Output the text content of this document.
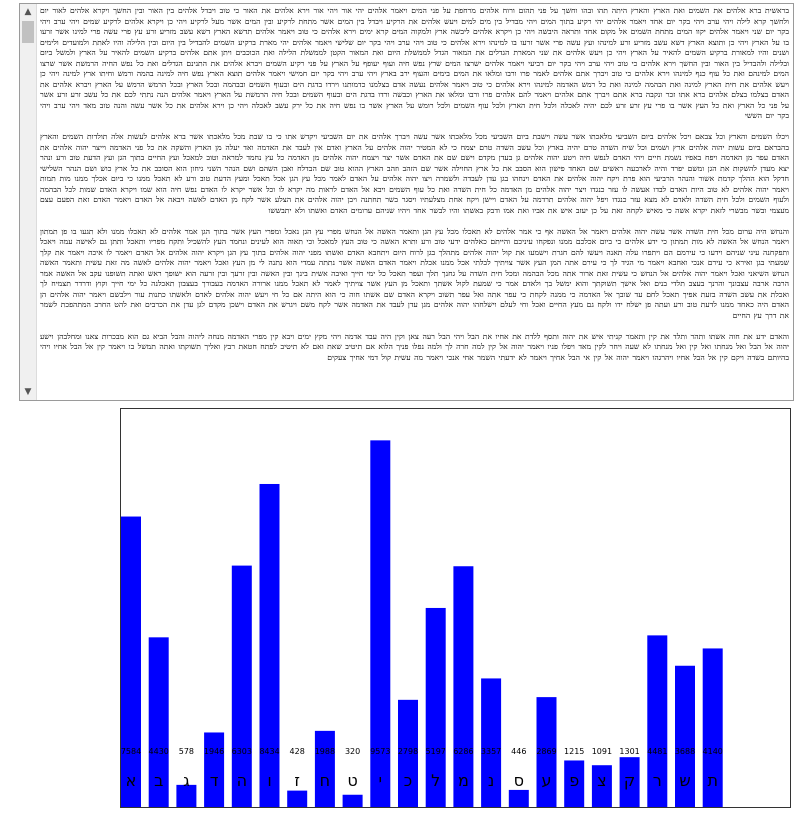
▲
▼

בראשית ברא אלהים את השמים ואת הארץ והארץ היתה תהו ובהו וחשך על פני תהום ורוח אלהים מרחפת על פני המים ויאמר אלהים יהי אור ויהי אור וירא אלהים את האור כי טוב ויבדל אלהים בין האור ובין החשך ויקרא אלהים לאור יום ולחשך קרא לילה ויהי ערב ויהי בקר יום אחד ויאמר אלהים יהי רקיע בתוך המים ויהי מבדיל בין מים למים ויעש אלהים את הרקיע ויבדל בין המים אשר מתחת לרקיע ובין המים אשר מעל לרקיע ויהי כן ויקרא אלהים לרקיע שמים ויהי ערב ויהי בקר יום שני ויאמר אלהים יקוו המים מתחת השמים אל מקום אחד ותראה היבשה ויהי כן ויקרא אלהים ליבשה ארץ ולמקוה המים קרא ימים וירא אלהים כי טוב ויאמר אלהים תדשא הארץ דשא עשב מזריע זרע עץ פרי עשה פרי למינו אשר זרעו בו על הארץ ויהי כן ותוצא הארץ דשא עשב מזריע זרע למינהו ועץ עשה פרי אשר זרעו בו למינהו וירא אלהים כי טוב ויהי ערב ויהי בקר יום שלישי ויאמר אלהים יהי מארת ברקיע השמים להבדיל בין היום ובין הלילה והיו לאתת ולמועדים ולימים ושנים והיו למאורת ברקיע השמים להאיר על הארץ ויהי כן ויעש אלהים את שני המארת הגדלים את המאור הגדל לממשלת היום ואת המאור הקטן לממשלת הלילה ואת הכוכבים ויתן אתם אלהים ברקיע השמים להאיר על הארץ ולמשל ביום ובלילה ולהבדיל בין האור ובין החשך וירא אלהים כי טוב ויהי ערב ויהי בקר יום רביעי ויאמר אלהים ישרצו המים שרץ נפש חיה ועוף יעופף על הארץ על פני רקיע השמים ויברא אלהים את התנינם הגדלים ואת כל נפש החיה הרמשת אשר שרצו המים למינהם ואת כל עוף כנף למינהו וירא אלהים כי טוב ויברך אתם אלהים לאמר פרו ורבו ומלאו את המים בימים והעוף ירב בארץ ויהי ערב ויהי בקר יום חמישי ויאמר אלהים תוצא הארץ נפש חיה למינה בהמה ורמש וחיתו ארץ למינה ויהי כן ויעש אלהים את חית הארץ למינה ואת הבהמה למינה ואת כל רמש האדמה למינהו וירא אלהים כי טוב ויאמר אלהים נעשה אדם בצלמנו כדמותנו וירדו בדגת הים ובעוף השמים ובבהמה ובכל הארץ ובכל הרמש הרמש על הארץ ויברא אלהים את האדם בצלמו בצלם אלהים ברא אתו זכר ונקבה ברא אתם ויברך אתם אלהים ויאמר להם אלהים פרו ורבו ומלאו את הארץ וכבשה ורדו בדגת הים ובעוף השמים ובכל חיה הרמשת על הארץ ויאמר אלהים הנה נתתי לכם את כל עשב זרע זרע אשר על פני כל הארץ ואת כל העץ אשר בו פרי עץ זרע זרע לכם יהיה לאכלה ולכל חית הארץ ולכל עוף השמים ולכל רומש על הארץ אשר בו נפש חיה את כל ירק עשב לאכלה ויהי כן וירא אלהים את כל אשר עשה והנה טוב מאד ויהי ערב ויהי בקר יום הששי

ויכלו השמים והארץ וכל צבאם ויכל אלהים ביום השביעי מלאכתו אשר עשה וישבת ביום השביעי מכל מלאכתו אשר עשה ויברך אלהים את יום השביעי ויקדש אתו כי בו שבת מכל מלאכתו אשר ברא אלהים לעשות אלה תולדות השמים והארץ בהבראם ביום עשות יהוה אלהים ארץ ושמים וכל שיח השדה טרם יהיה בארץ וכל עשב השדה טרם יצמח כי לא המטיר יהוה אלהים על הארץ ואדם אין לעבד את האדמה ואד יעלה מן הארץ והשקה את כל פני האדמה וייצר יהוה אלהים את האדם עפר מן האדמה ויפח באפיו נשמת חיים ויהי האדם לנפש חיה ויטע יהוה אלהים גן בעדן מקדם וישם שם את האדם אשר יצר ויצמח יהוה אלהים מן האדמה כל עץ נחמד למראה וטוב למאכל ועץ החיים בתוך הגן ועץ הדעת טוב ורע ונהר יצא מעדן להשקות את הגן ומשם יפרד והיה לארבעה ראשים שם האחד פישון הוא הסבב את כל ארץ החוילה אשר שם הזהב וזהב הארץ ההוא טוב שם הבדלח ואבן השהם ושם הנהר השני גיחון הוא הסובב את כל ארץ כוש ושם הנהר השלישי חדקל הוא ההלך קדמת אשור והנהר הרביעי הוא פרת ויקח יהוה אלהים את האדם וינחהו בגן עדן לעבדה ולשמרה ויצו יהוה אלהים על האדם לאמר מכל עץ הגן אכל תאכל ומעץ הדעת טוב ורע לא תאכל ממנו כי ביום אכלך ממנו מות תמות ויאמר יהוה אלהים לא טוב היות האדם לבדו אעשה לו עזר כנגדו ויצר יהוה אלהים מן האדמה כל חית השדה ואת כל עוף השמים ויבא אל האדם לראות מה יקרא לו וכל אשר יקרא לו האדם נפש חיה הוא שמו ויקרא האדם שמות לכל הבהמה ולעוף השמים ולכל חית השדה ולאדם לא מצא עזר כנגדו ויפל יהוה אלהים תרדמה על האדם ויישן ויקח אחת מצלעתיו ויסגר בשר תחתנה ויבן יהוה אלהים את הצלע אשר לקח מן האדם לאשה ויבאה אל האדם ויאמר האדם זאת הפעם עצם מעצמי ובשר מבשרי לזאת יקרא אשה כי מאיש לקחה זאת על כן יעזב איש את אביו ואת אמו ודבק באשתו והיו לבשר אחד ויהיו שניהם ערומים האדם ואשתו ולא יתבששו

והנחש היה ערום מכל חית השדה אשר עשה יהוה אלהים ויאמר אל האשה אף כי אמר אלהים לא תאכלו מכל עץ הגן ותאמר האשה אל הנחש מפרי עץ הגן נאכל ומפרי העץ אשר בתוך הגן אמר אלהים לא תאכלו ממנו ולא תגעו בו פן תמתון ויאמר הנחש אל האשה לא מות תמתון כי ידע אלהים כי ביום אכלכם ממנו ונפקחו עיניכם והייתם כאלהים ידעי טוב ורע ותרא האשה כי טוב העץ למאכל וכי תאוה הוא לעינים ונחמד העץ להשכיל ותקח מפריו ותאכל ותתן גם לאישה עמה ויאכל ותפקחנה עיני שניהם וידעו כי עירמם הם ויתפרו עלה תאנה ויעשו להם חגרת וישמעו את קול יהוה אלהים מתהלך בגן לרוח היום ויתחבא האדם ואשתו מפני יהוה אלהים בתוך עץ הגן ויקרא יהוה אלהים אל האדם ויאמר לו איכה ויאמר את קלך שמעתי בגן ואירא כי עירם אנכי ואחבא ויאמר מי הגיד לך כי עירם אתה המן העץ אשר צויתיך לבלתי אכל ממנו אכלת ויאמר האדם האשה אשר נתתה עמדי הוא נתנה לי מן העץ ואכל ויאמר יהוה אלהים לאשה מה זאת עשית ותאמר האשה הנחש השיאני ואכל ויאמר יהוה אלהים אל הנחש כי עשית זאת ארור אתה מכל הבהמה ומכל חית השדה על גחנך תלך ועפר תאכל כל ימי חייך ואיבה אשית בינך ובין האשה ובין זרעך ובין זרעה הוא ישופך ראש ואתה תשופנו עקב אל האשה אמר הרבה ארבה עצבונך והרנך בעצב תלדי בנים ואל אישך תשוקתך והוא ימשל בך ולאדם אמר כי שמעת לקול אשתך ותאכל מן העץ אשר צויתיך לאמר לא תאכל ממנו ארורה האדמה בעבורך בעצבון תאכלנה כל ימי חייך וקוץ ודרדר תצמיח לך ואכלת את עשב השדה בזעת אפיך תאכל לחם עד שובך אל האדמה כי ממנה לקחת כי עפר אתה ואל עפר תשוב ויקרא האדם שם אשתו חוה כי הוא היתה אם כל חי ויעש יהוה אלהים לאדם ולאשתו כתנות עור וילבשם ויאמר יהוה אלהים הן האדם היה כאחד ממנו לדעת טוב ורע ועתה פן ישלח ידו ולקח גם מעץ החיים ואכל וחי לעלם וישלחהו יהוה אלהים מגן עדן לעבד את האדמה אשר לקח משם ויגרש את האדם וישכן מקדם לגן עדן את הכרבים ואת להט החרב המתהפכת לשמר את דרך עץ החיים

והאדם ידע את חוה אשתו ותהר ותלד את קין ותאמר קניתי איש את יהוה ותסף ללדת את אחיו את הבל ויהי הבל רעה צאן וקין היה עבד אדמה ויהי מקץ ימים ויבא קין מפרי האדמה מנחה ליהוה והבל הביא גם הוא מבכרות צאנו ומחלבהן וישע יהוה אל הבל ואל מנחתו ואל קין ואל מנחתו לא שעה ויחר לקין מאד ויפלו פניו ויאמר יהוה אל קין למה חרה לך ולמה נפלו פניך הלוא אם תיטיב שאת ואם לא תיטיב לפתח חטאת רבץ ואליך תשוקתו ואתה תמשל בו ויאמר קין אל הבל אחיו ויהי בהיותם בשדה ויקם קין אל הבל אחיו ויהרגהו ויאמר יהוה אל קין אי הבל אחיך ויאמר לא ידעתי השמר אחי אנכי ויאמר מה עשית קול דמי אחיך צעקים

7584
א
4430
ב
578
ג
1946
ד
6303
ה
8434
ו
428
ז
1988
ח
320
ט
9573
י
2798
כ
5197
ל
6286
מ
3357
נ
446
ס
2869
ע
1215
פ
1091
צ
1301
ק
4481
ר
3688
ש
4140
ת
